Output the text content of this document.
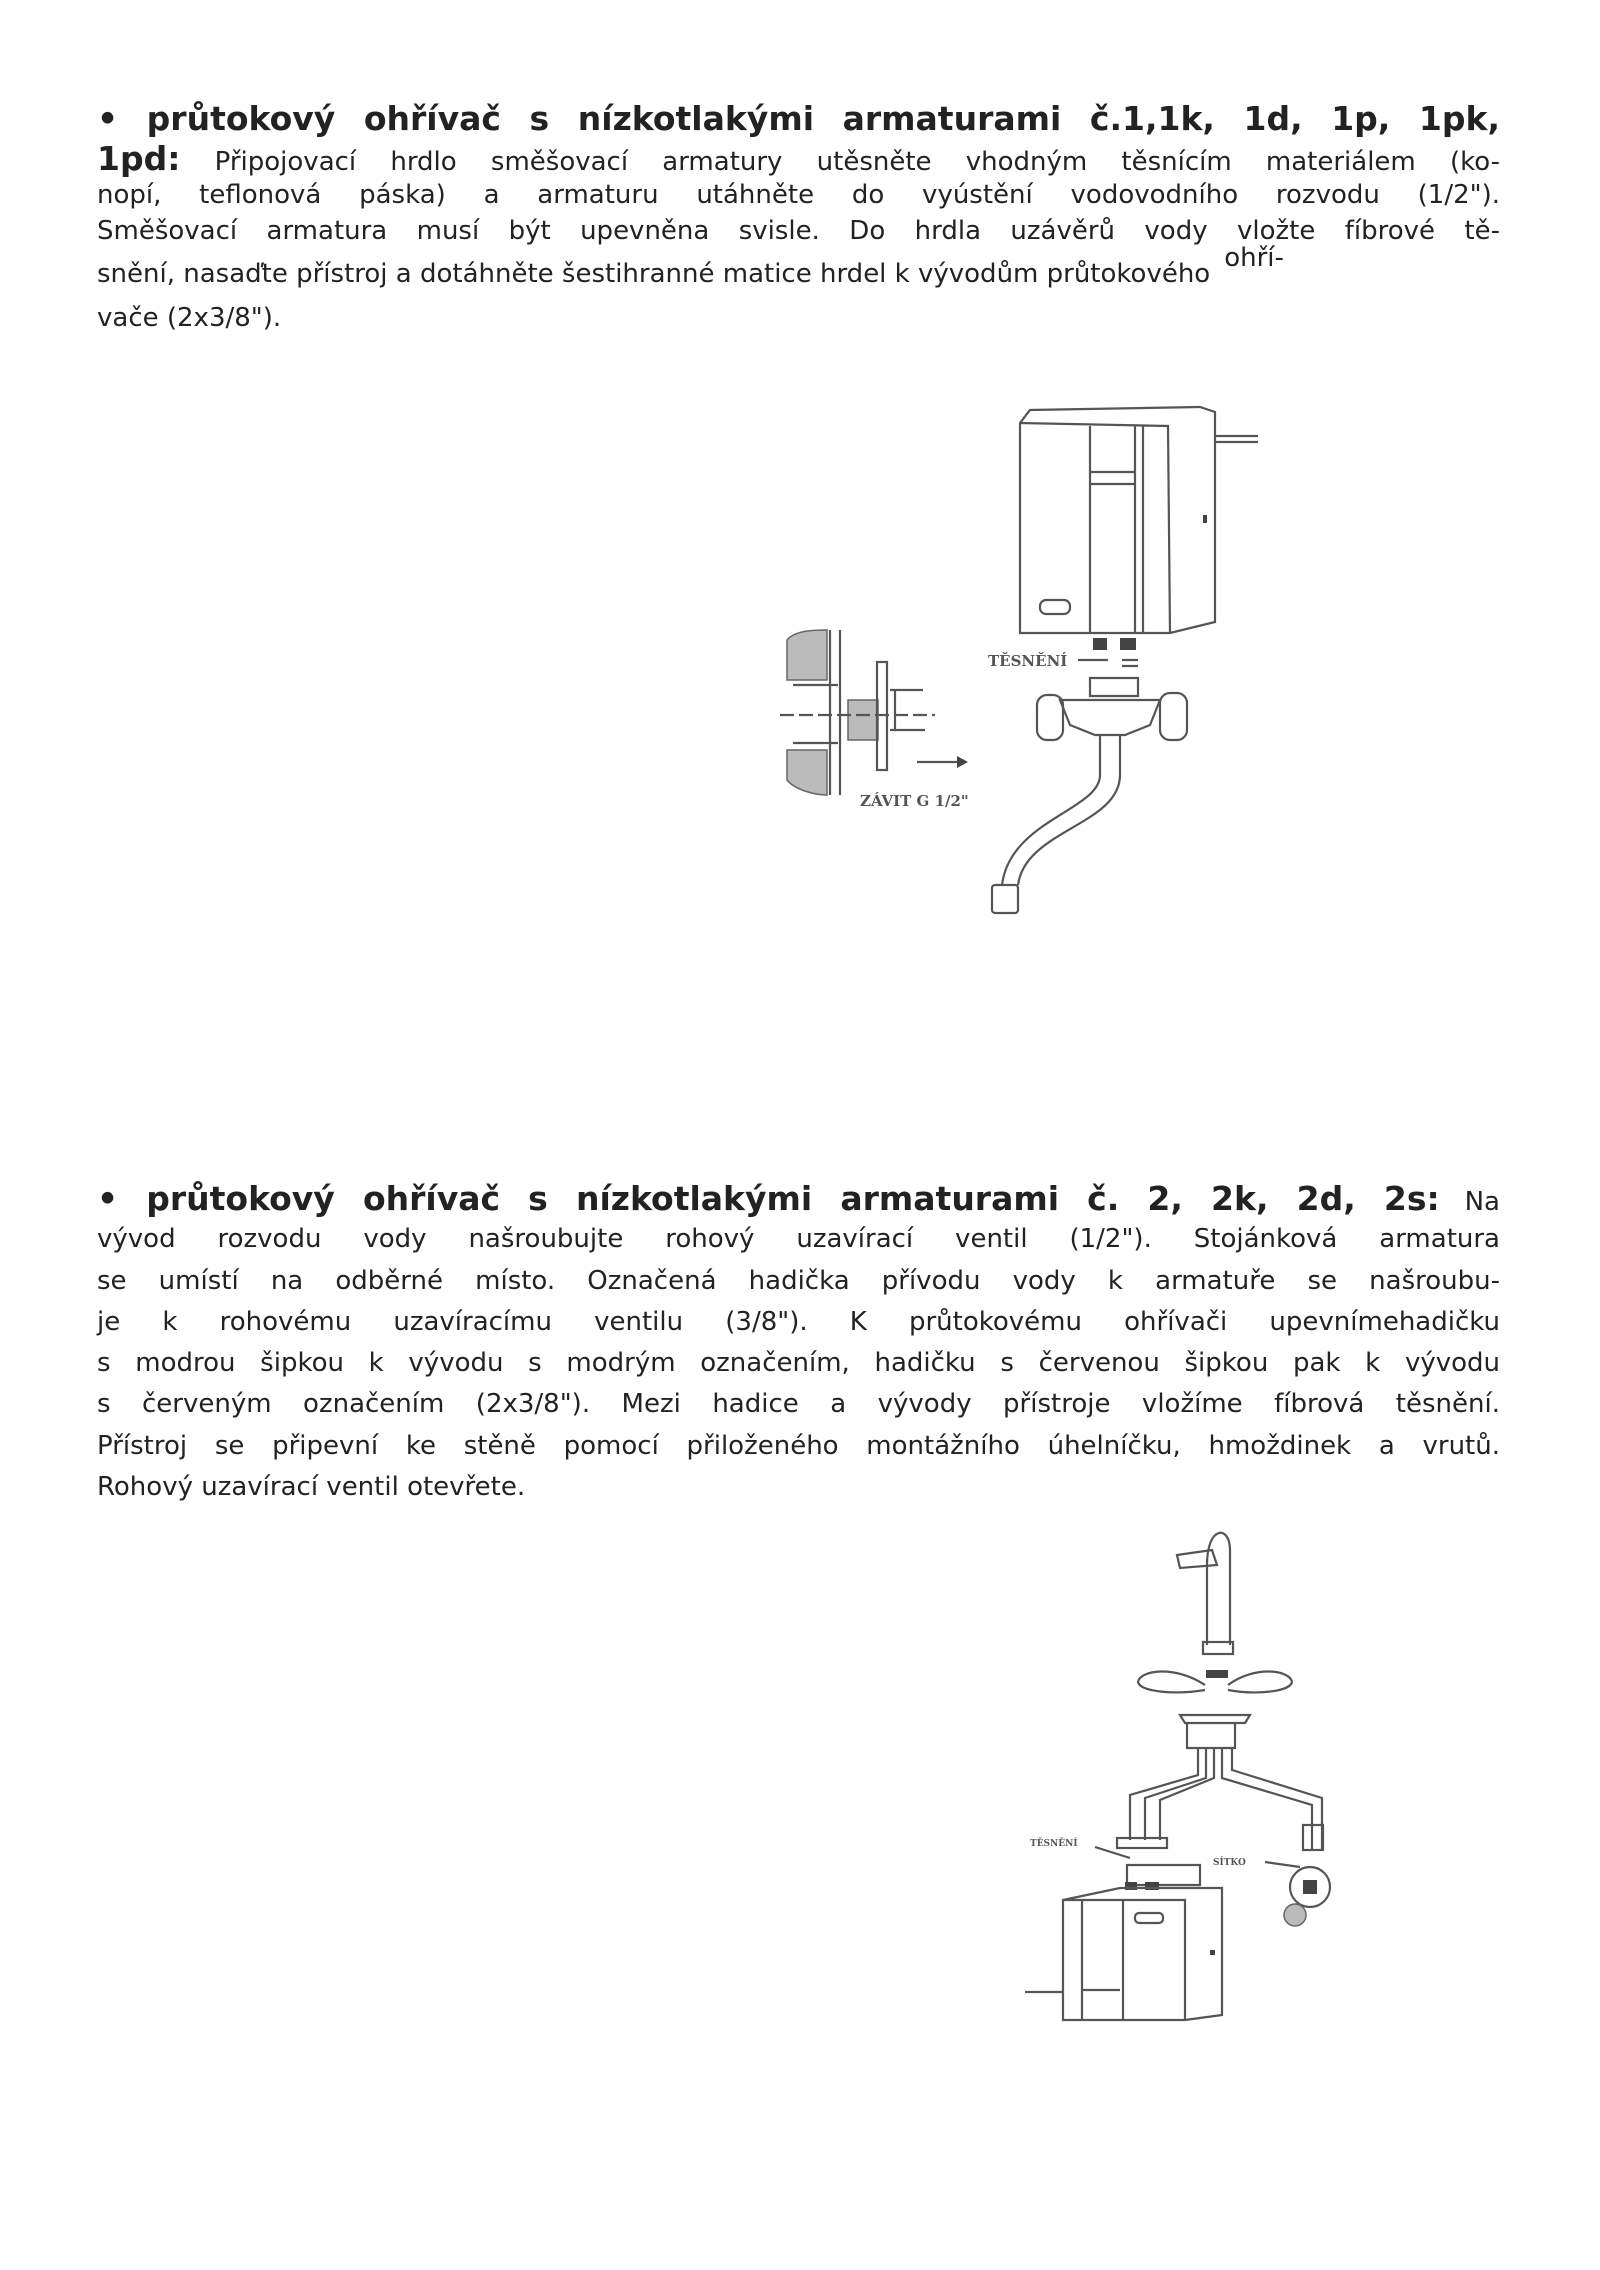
• průtokový ohřívač s nízkotlakými armaturami č.1,1k, 1d, 1p, 1pk,
1pd: Připojovací hrdlo směšovací armatury utěsněte vhodným těsnícím materiálem (ko-
nopí, teflonová páska) a armaturu utáhněte do vyústění vodovodního rozvodu (1/2").
Směšovací armatura musí být upevněna svisle. Do hrdla uzávěrů vody vložte fíbrové tě-
snění, nasaďte přístroj a dotáhněte šestihranné matice hrdel k vývodům průtokovéhoohří-
vače (2x3/8").
TĚSNĚNÍ
ZÁVIT G 1/2"
• průtokový ohřívač s nízkotlakými armaturami č. 2, 2k, 2d, 2s: Na
vývod rozvodu vody našroubujte rohový uzavírací ventil (1/2"). Stojánková armatura
se umístí na odběrné místo. Označená hadička přívodu vody k armatuře se našroubu-
je k rohovému uzavíracímu ventilu (3/8"). K průtokovému ohřívači upevnímehadičku
s modrou šipkou k vývodu s modrým označením, hadičku s červenou šipkou pak k vývodu
s červeným označením (2x3/8"). Mezi hadice a vývody přístroje vložíme fíbrová těsnění.
Přístroj se připevní ke stěně pomocí přiloženého montážního úhelníčku, hmoždinek a vrutů.
Rohový uzavírací ventil otevřete.
TĚSNĚNÍ
SÍTKO
